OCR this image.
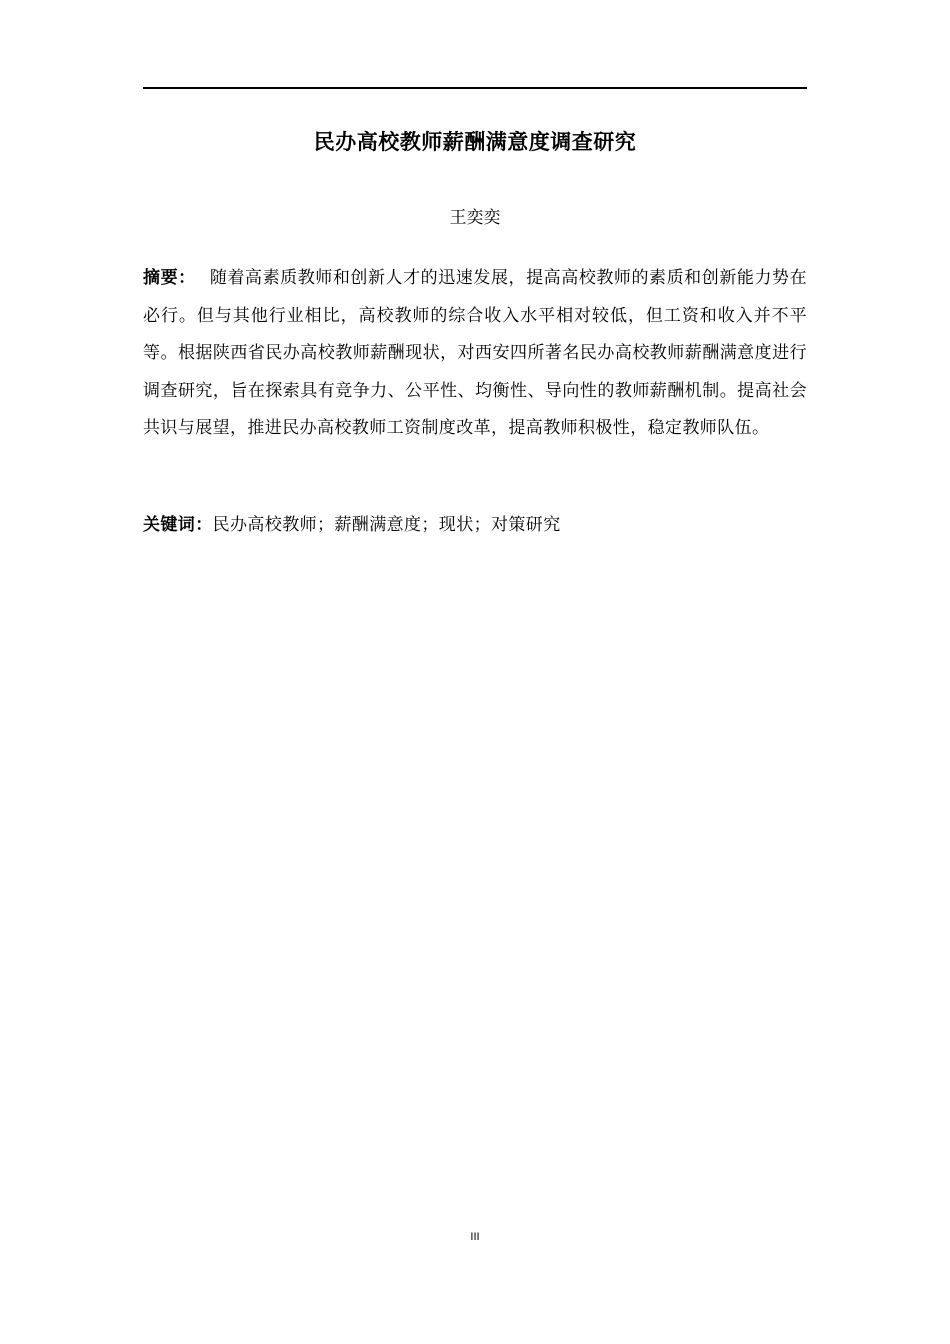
民办高校教师薪酬满意度调查研究
王奕奕

摘要： 随着高素质教师和创新人才的迅速发展，提高高校教师的素质和创新能力势在必行。但与其他行业相比，高校教师的综合收入水平相对较低，但工资和收入并不平等。根据陕西省民办高校教师薪酬现状，对西安四所著名民办高校教师薪酬满意度进行调查研究，旨在探索具有竞争力、公平性、均衡性、导向性的教师薪酬机制。提高社会共识与展望，推进民办高校教师工资制度改革，提高教师积极性，稳定教师队伍。

关键词：民办高校教师；薪酬满意度；现状；对策研究

III
